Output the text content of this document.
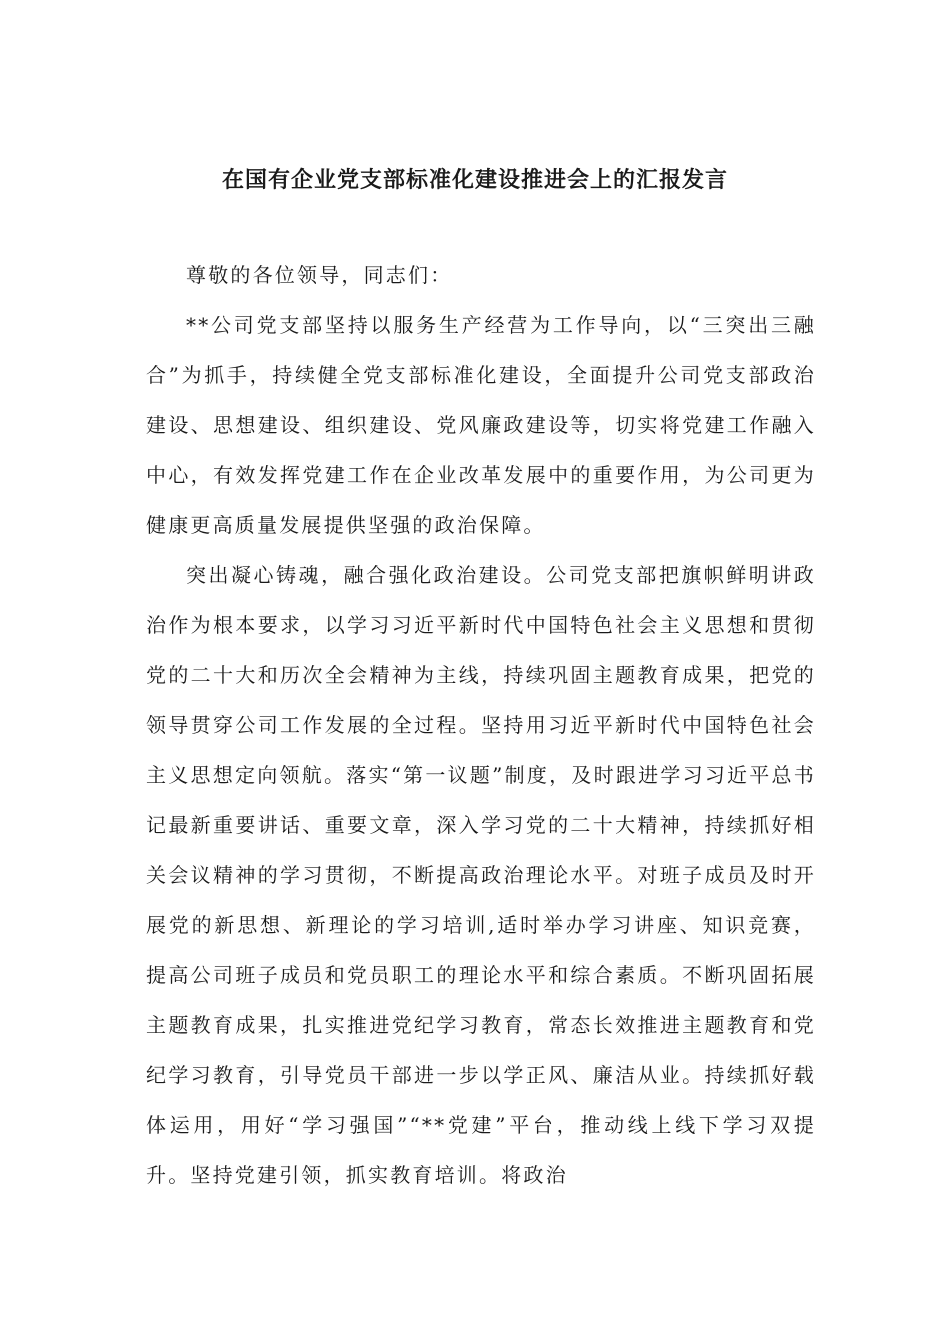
在国有企业党支部标准化建设推进会上的汇报发言

尊敬的各位领导，同志们：

**公司党支部坚持以服务生产经营为工作导向，以“三突出三融合”为抓手，持续健全党支部标准化建设，全面提升公司党支部政治建设、思想建设、组织建设、党风廉政建设等，切实将党建工作融入中心，有效发挥党建工作在企业改革发展中的重要作用，为公司更为健康更高质量发展提供坚强的政治保障。

突出凝心铸魂，融合强化政治建设。公司党支部把旗帜鲜明讲政治作为根本要求，以学习习近平新时代中国特色社会主义思想和贯彻党的二十大和历次全会精神为主线，持续巩固主题教育成果，把党的领导贯穿公司工作发展的全过程。坚持用习近平新时代中国特色社会主义思想定向领航。落实“第一议题”制度，及时跟进学习习近平总书记最新重要讲话、重要文章，深入学习党的二十大精神，持续抓好相关会议精神的学习贯彻，不断提高政治理论水平。对班子成员及时开展党的新思想、新理论的学习培训,适时举办学习讲座、知识竞赛，提高公司班子成员和党员职工的理论水平和综合素质。不断巩固拓展主题教育成果，扎实推进党纪学习教育，常态长效推进主题教育和党纪学习教育，引导党员干部进一步以学正风、廉洁从业。持续抓好载体运用，用好“学习强国”“**党建”平台，推动线上线下学习双提升。坚持党建引领，抓实教育培训。将政治
